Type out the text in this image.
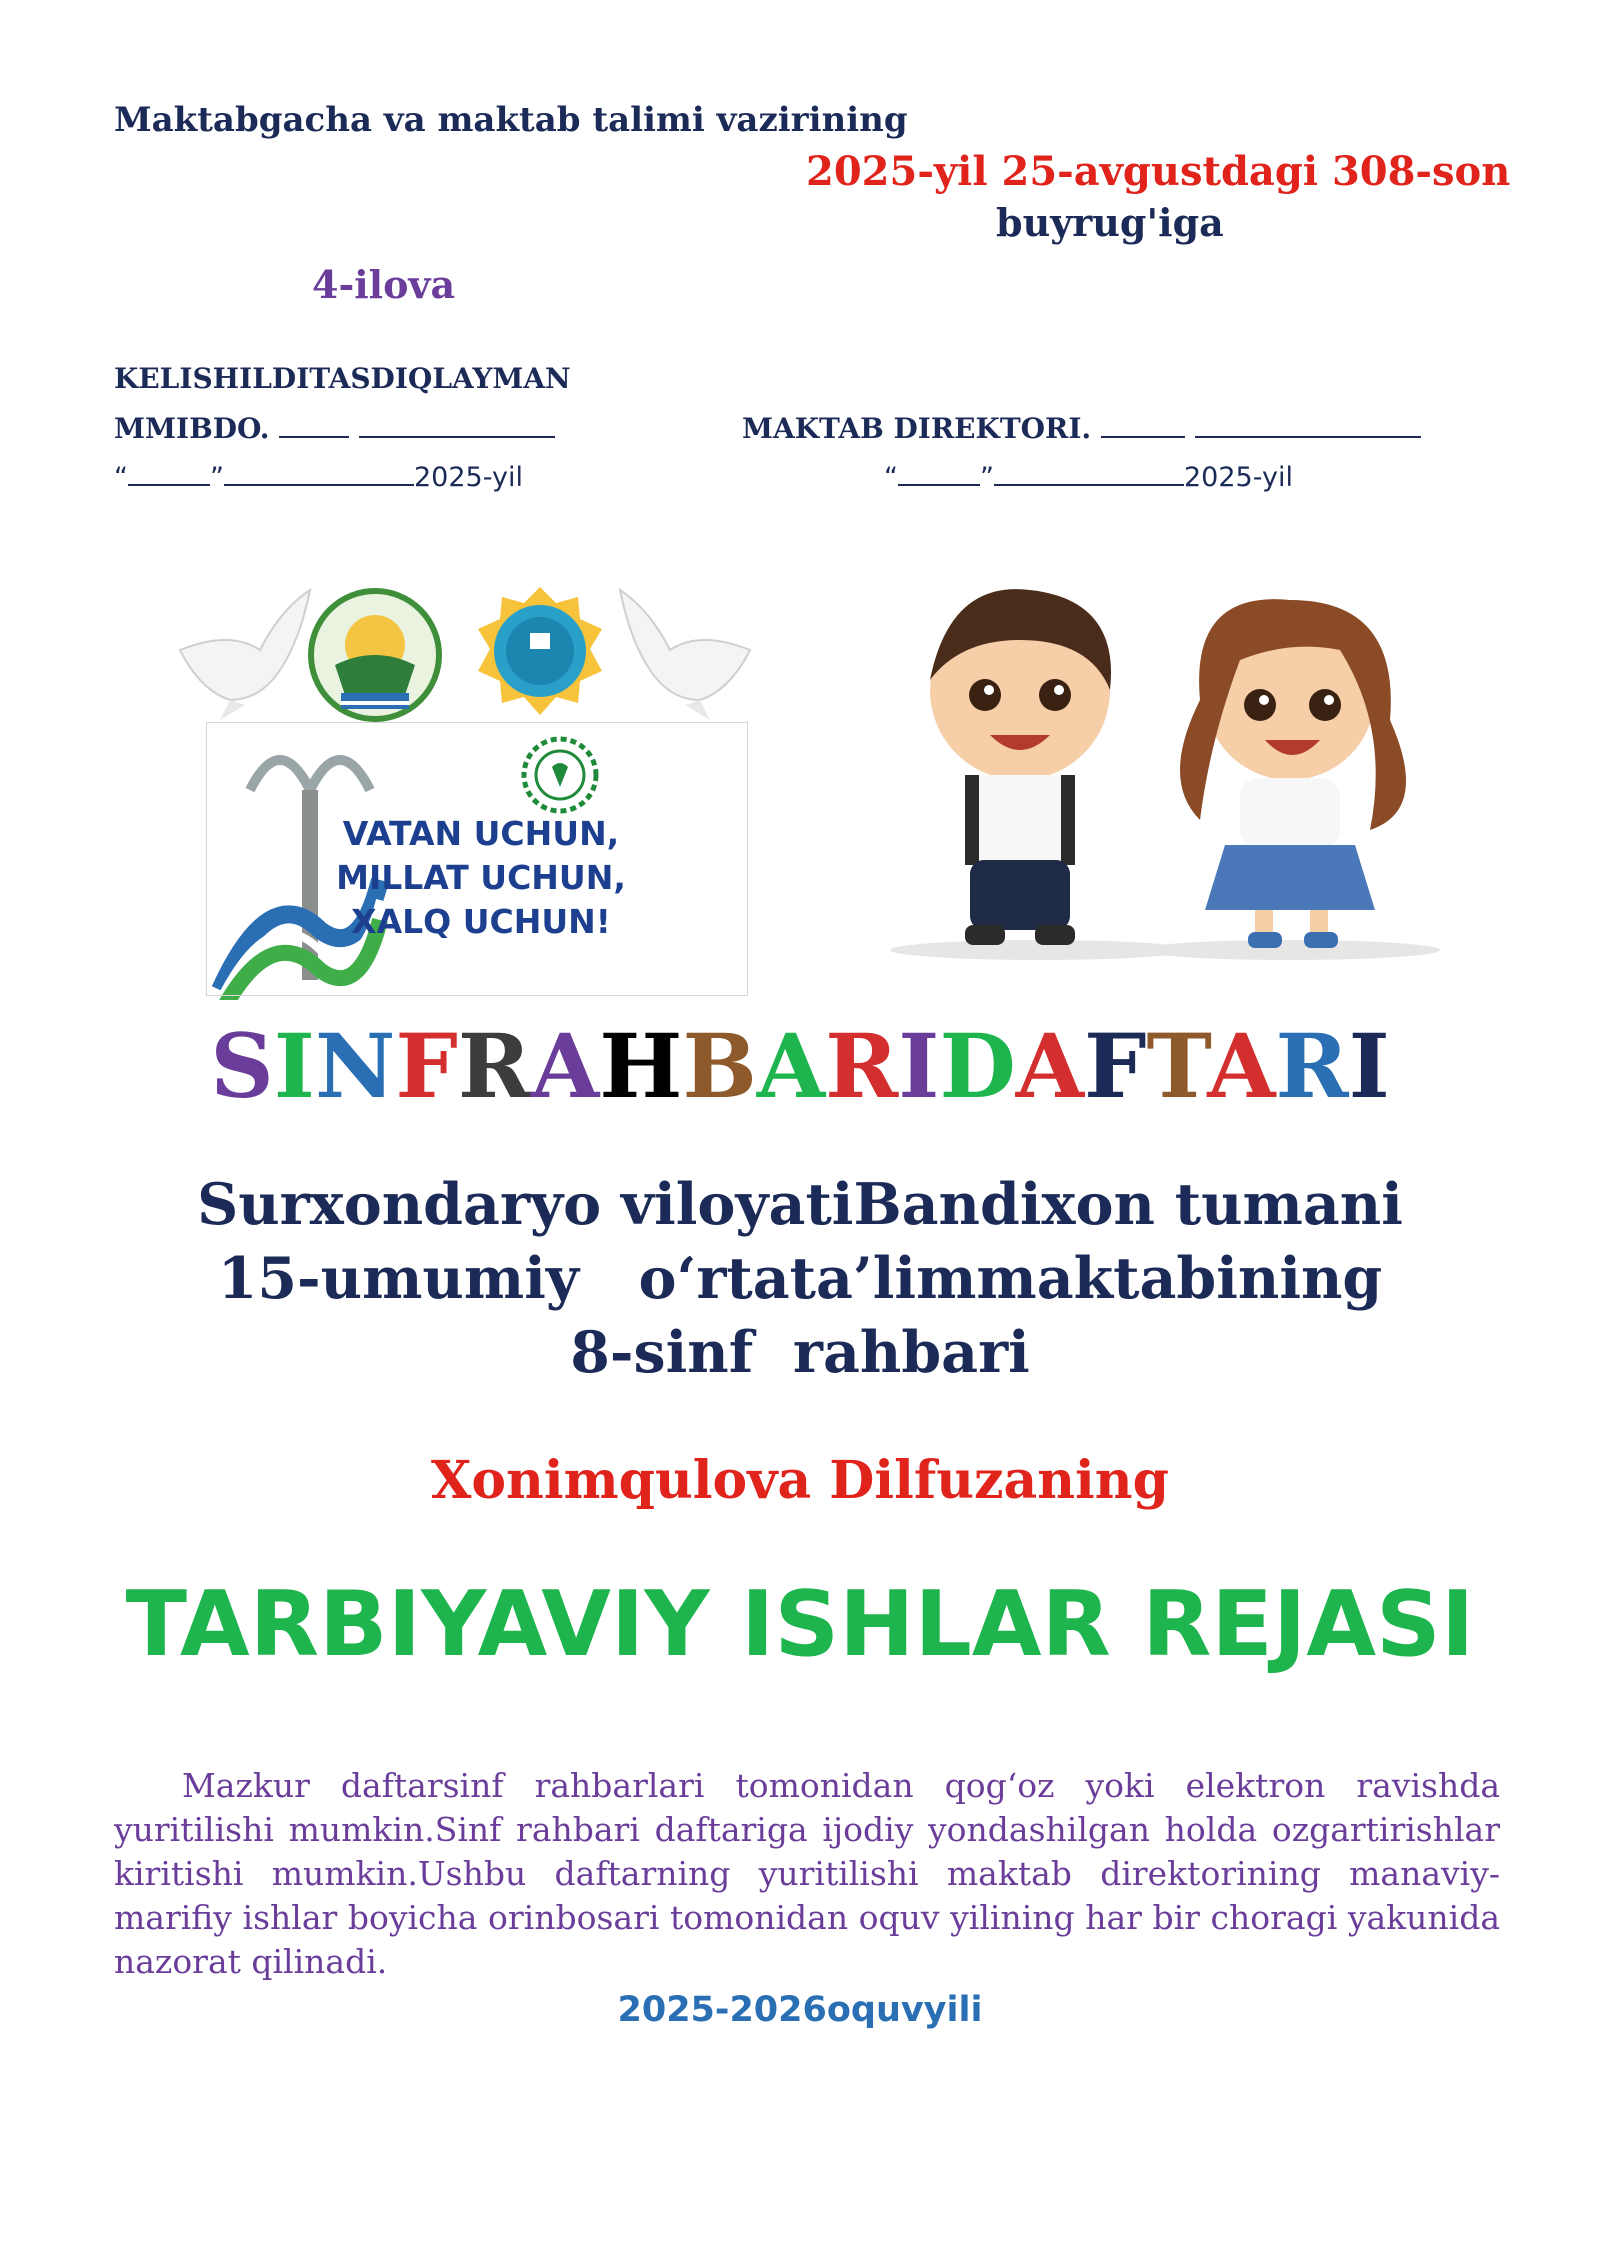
Maktabgacha va maktab talimi vazirining
2025-yil 25-avgustdagi 308-son
buyrug'iga
4-ilova
KELISHILDITASDIQLAYMAN
MMIBDO.	MAKTAB DIREKTORI.
“	”	2025-yil	“	”	2025-yil
VATAN UCHUN,
MILLAT UCHUN,
XALQ UCHUN!
SINFRAHBARIDAFTARI
Surxondaryo viloyatiBandixon tumani
15-umumiy   o‘rtata’limmaktabining
8-sinf  rahbari
Xonimqulova Dilfuzaning
TARBIYAVIY ISHLAR REJASI
Mazkur daftarsinf rahbarlari tomonidan qog‘oz yoki elektron ravishda yuritilishi mumkin.Sinf rahbari daftariga ijodiy yondashilgan holda ozgartirishlar kiritishi mumkin.Ushbu daftarning yuritilishi maktab direktorining manaviy-marifiy ishlar boyicha orinbosari tomonidan oquv yilining har bir choragi yakunida nazorat qilinadi.
2025-2026oquvyili
